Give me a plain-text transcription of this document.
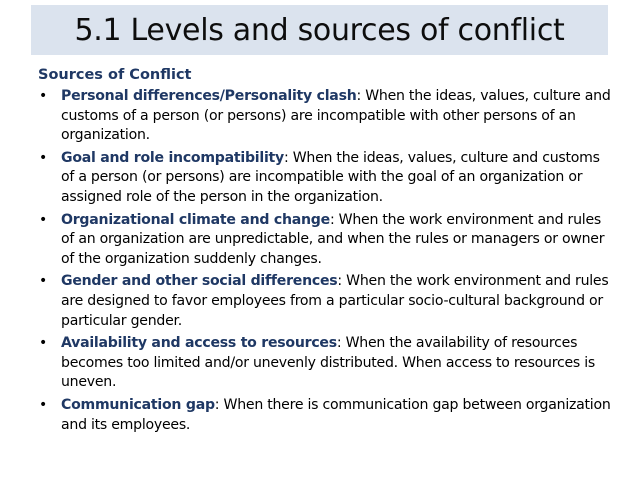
5.1 Levels and sources of conflict
Sources of Conflict
• Personal differences/Personality clash: When the ideas, values, culture and customs of a person (or persons) are incompatible with other persons of an organization.
• Goal and role incompatibility: When the ideas, values, culture and customs of a person (or persons) are incompatible with the goal of an organization or assigned role of the person in the organization.
• Organizational climate and change: When the work environment and rules of an organization are unpredictable, and when the rules or managers or owner of the organization suddenly changes.
• Gender and other social differences: When the work environment and rules are designed to favor employees from a particular socio-cultural background or particular gender.
• Availability and access to resources: When the availability of resources becomes too limited and/or unevenly distributed. When access to resources is uneven.
• Communication gap: When there is communication gap between organization and its employees.
